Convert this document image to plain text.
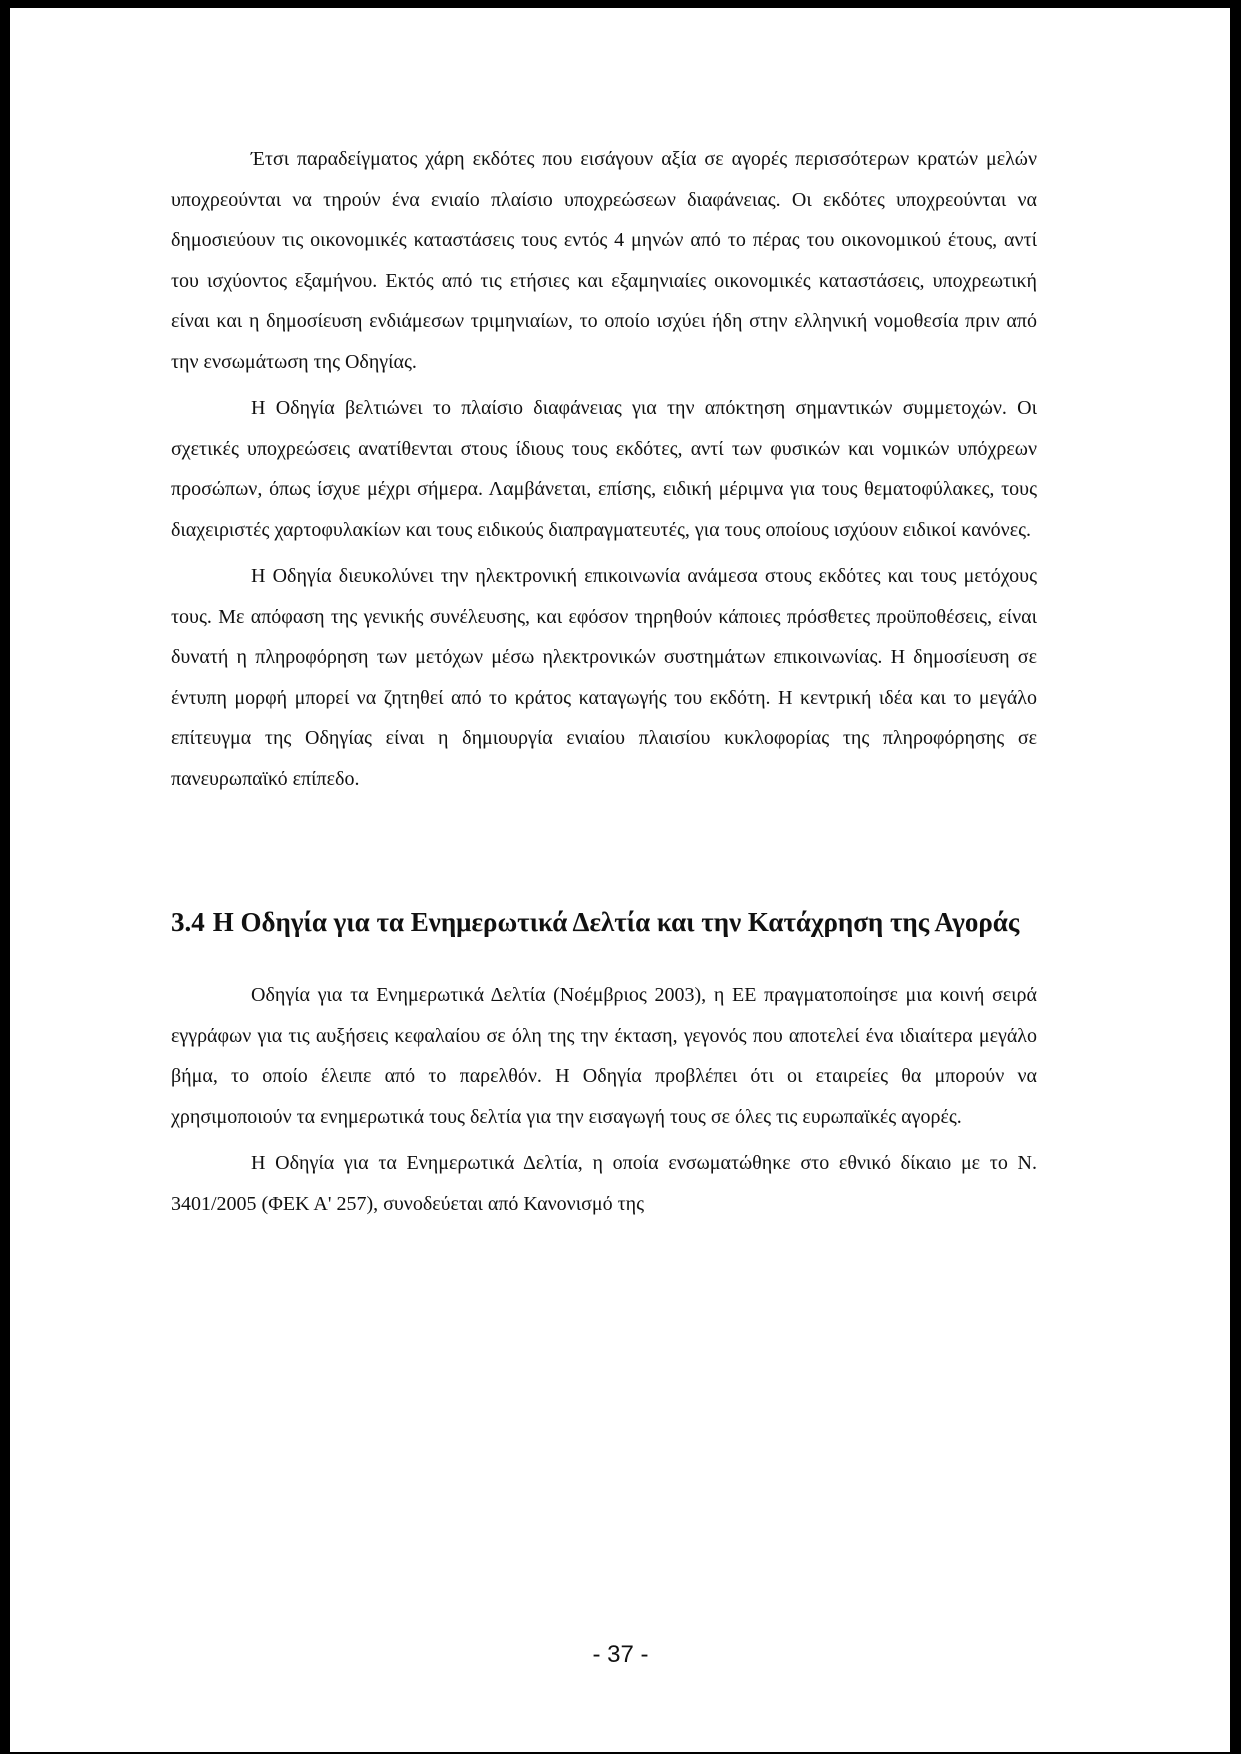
Έτσι παραδείγματος χάρη εκδότες που εισάγουν αξία σε αγορές περισσότερων κρατών μελών υποχρεούνται να τηρούν ένα ενιαίο πλαίσιο υποχρεώσεων διαφάνειας. Οι εκδότες υποχρεούνται να δημοσιεύουν τις οικονομικές καταστάσεις τους εντός 4 μηνών από το πέρας του οικονομικού έτους, αντί του ισχύοντος εξαμήνου. Εκτός από τις ετήσιες και εξαμηνιαίες οικονομικές καταστάσεις, υποχρεωτική είναι και η δημοσίευση ενδιάμεσων τριμηνιαίων, το οποίο ισχύει ήδη στην ελληνική νομοθεσία πριν από την ενσωμάτωση της Οδηγίας.

Η Οδηγία βελτιώνει το πλαίσιο διαφάνειας για την απόκτηση σημαντικών συμμετοχών. Οι σχετικές υποχρεώσεις ανατίθενται στους ίδιους τους εκδότες, αντί των φυσικών και νομικών υπόχρεων προσώπων, όπως ίσχυε μέχρι σήμερα. Λαμβάνεται, επίσης, ειδική μέριμνα για τους θεματοφύλακες, τους διαχειριστές χαρτοφυλακίων και τους ειδικούς διαπραγματευτές, για τους οποίους ισχύουν ειδικοί κανόνες.

Η Οδηγία διευκολύνει την ηλεκτρονική επικοινωνία ανάμεσα στους εκδότες και τους μετόχους τους. Με απόφαση της γενικής συνέλευσης, και εφόσον τηρηθούν κάποιες πρόσθετες προϋποθέσεις, είναι δυνατή η πληροφόρηση των μετόχων μέσω ηλεκτρονικών συστημάτων επικοινωνίας. Η δημοσίευση σε έντυπη μορφή μπορεί να ζητηθεί από το κράτος καταγωγής του εκδότη. Η κεντρική ιδέα και το μεγάλο επίτευγμα της Οδηγίας είναι η δημιουργία ενιαίου πλαισίου κυκλοφορίας της πληροφόρησης σε πανευρωπαϊκό επίπεδο.

3.4 Η Οδηγία για τα Ενημερωτικά Δελτία και την Κατάχρηση της Αγοράς

Οδηγία για τα Ενημερωτικά Δελτία (Νοέμβριος 2003), η ΕΕ πραγματοποίησε μια κοινή σειρά εγγράφων για τις αυξήσεις κεφαλαίου σε όλη της την έκταση, γεγονός που αποτελεί ένα ιδιαίτερα μεγάλο βήμα, το οποίο έλειπε από το παρελθόν. Η Οδηγία προβλέπει ότι οι εταιρείες θα μπορούν να χρησιμοποιούν τα ενημερωτικά τους δελτία για την εισαγωγή τους σε όλες τις ευρωπαϊκές αγορές.

Η Οδηγία για τα Ενημερωτικά Δελτία, η οποία ενσωματώθηκε στο εθνικό δίκαιο με το Ν. 3401/2005 (ΦΕΚ Α' 257), συνοδεύεται από Κανονισμό της

- 37 -
